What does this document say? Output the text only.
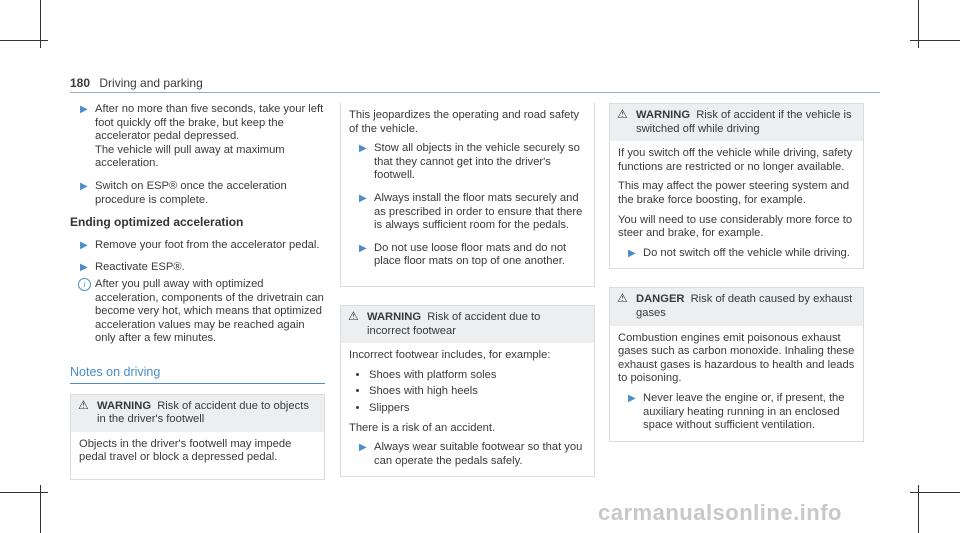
180 Driving and parking
▶ After no more than five seconds, take your left foot quickly off the brake, but keep the accelerator pedal depressed.
The vehicle will pull away at maximum acceleration.
▶ Switch on ESP® once the acceleration procedure is complete.
Ending optimized acceleration
▶ Remove your foot from the accelerator pedal.
▶ Reactivate ESP®.
i After you pull away with optimized acceleration, components of the drivetrain can become very hot, which means that optimized acceleration values may be reached again only after a few minutes.
Notes on driving
⚠ WARNING Risk of accident due to objects in the driver's footwell

Objects in the driver's footwell may impede pedal travel or block a depressed pedal.

This jeopardizes the operating and road safety of the vehicle.

▶ Stow all objects in the vehicle securely so that they cannot get into the driver's footwell.
▶ Always install the floor mats securely and as prescribed in order to ensure that there is always sufficient room for the pedals.
▶ Do not use loose floor mats and do not place floor mats on top of one another.
⚠ WARNING Risk of accident due to incorrect footwear

Incorrect footwear includes, for example:

• Shoes with platform soles
• Shoes with high heels
• Slippers

There is a risk of an accident.

▶ Always wear suitable footwear so that you can operate the pedals safely.
⚠ WARNING Risk of accident if the vehicle is switched off while driving

If you switch off the vehicle while driving, safety functions are restricted or no longer available.

This may affect the power steering system and the brake force boosting, for example.

You will need to use considerably more force to steer and brake, for example.

▶ Do not switch off the vehicle while driving.
⚠ DANGER Risk of death caused by exhaust gases

Combustion engines emit poisonous exhaust gases such as carbon monoxide. Inhaling these exhaust gases is hazardous to health and leads to poisoning.

▶ Never leave the engine or, if present, the auxiliary heating running in an enclosed space without sufficient ventilation.
carmanualsonline.info
